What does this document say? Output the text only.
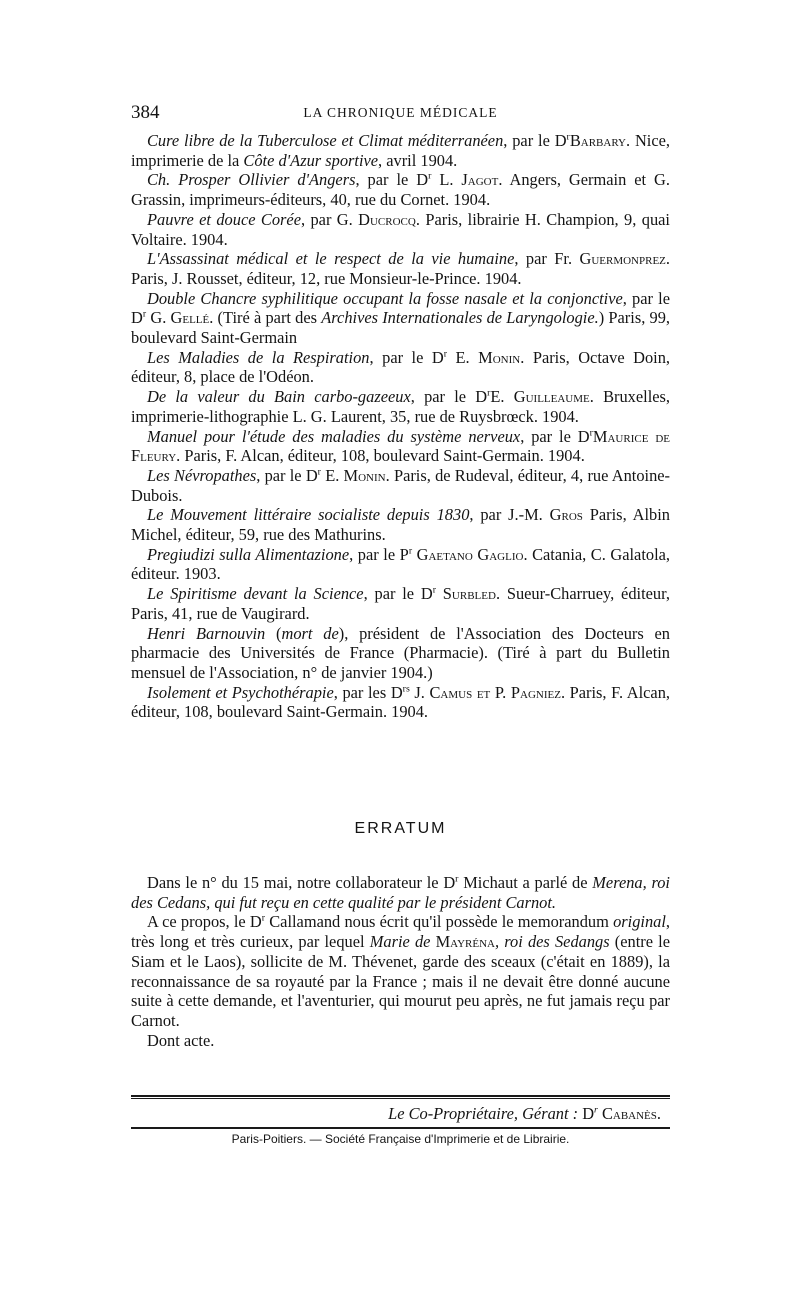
384	LA CHRONIQUE MÉDICALE

Cure libre de la Tuberculose et Climat méditerranéen, par le $D^rBarbary$. Nice, imprimerie de la Côte d'Azur sportive, avril 1904.

Ch. Prosper Ollivier d'Angers, par le $D^r$ L. Jagot. Angers, Germain et G. Grassin, imprimeurs-éditeurs, 40, rue du Cornet. 1904.

Pauvre et douce Corée, par G. Ducrocq. Paris, librairie H. Champion, 9, quai Voltaire. 1904.

L'Assassinat médical et le respect de la vie humaine, par Fr. Guermonprez. Paris, J. Rousset, éditeur, 12, rue Monsieur-le-Prince. 1904.

Double Chancre syphilitique occupant la fosse nasale et la conjonctive, par le $D^r$ G. Gellé. (Tiré à part des Archives Internationales de Laryngologie.) Paris, 99, boulevard Saint-Germain

Les Maladies de la Respiration, par le $D^r$ E. Monin. Paris, Octave Doin, éditeur, 8, place de l'Odéon.

De la valeur du Bain carbo-gazeeux, par le $D^rE$. Guilleaume. Bruxelles, imprimerie-lithographie L. G. Laurent, 35, rue de Ruysbrœck. 1904.

Manuel pour l'étude des maladies du système nerveux, par le $D^rMaurice$ de Fleury. Paris, F. Alcan, éditeur, 108, boulevard Saint-Germain. 1904.

Les Névropathes, par le $D^r$ E. Monin. Paris, de Rudeval, éditeur, 4, rue Antoine-Dubois.

Le Mouvement littéraire socialiste depuis 1830, par J.-M. Gros Paris, Albin Michel, éditeur, 59, rue des Mathurins.

Pregiudizi sulla Alimentazione, par le $P^r$ Gaetano Gaglio. Catania, C. Galatola, éditeur. 1903.

Le Spiritisme devant la Science, par le $D^r$ Surbled. Sueur-Charruey, éditeur, Paris, 41, rue de Vaugirard.

Henri Barnouvin (mort de), président de l'Association des Docteurs en pharmacie des Universités de France (Pharmacie). (Tiré à part du Bulletin mensuel de l'Association, n° de janvier 1904.)

Isolement et Psychothérapie, par les $D^{rs}$ J. Camus et P. Pagniez. Paris, F. Alcan, éditeur, 108, boulevard Saint-Germain. 1904.

ERRATUM

Dans le n° du 15 mai, notre collaborateur le $D^r$ Michaut a parlé de Merena, roi des Cedans, qui fut reçu en cette qualité par le président Carnot.

A ce propos, le $D^r$ Callamand nous écrit qu'il possède le memorandum original, très long et très curieux, par lequel Marie de Mayréna, roi des Sedangs (entre le Siam et le Laos), sollicite de M. Thévenet, garde des sceaux (c'était en 1889), la reconnaissance de sa royauté par la France ; mais il ne devait être donné aucune suite à cette demande, et l'aventurier, qui mourut peu après, ne fut jamais reçu par Carnot.

Dont acte.

Le Co-Propriétaire, Gérant : $D^r$ Cabanès.
Paris-Poitiers. — Société Française d'Imprimerie et de Librairie.
